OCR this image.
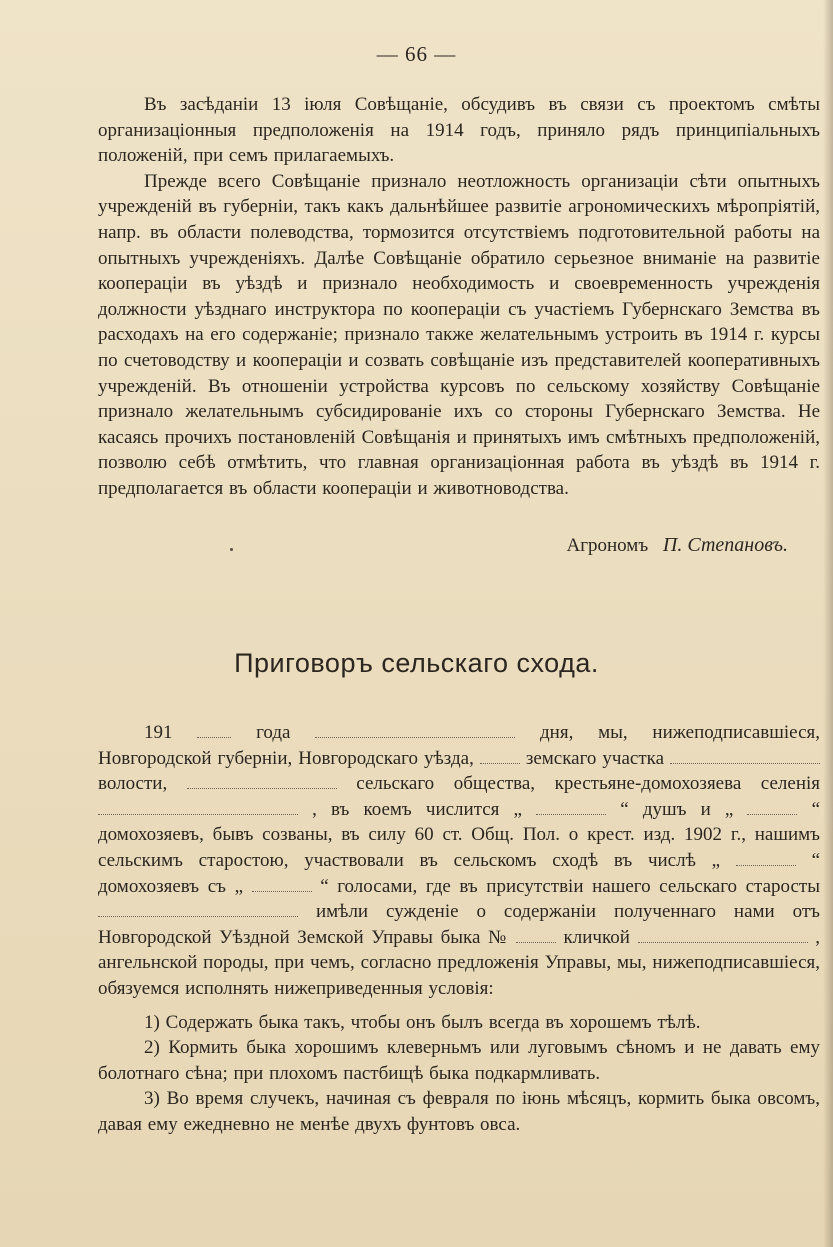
— 66 —

Въ засѣданіи 13 іюля Совѣщаніе, обсудивъ въ связи съ проектомъ смѣты организаціонныя предположенія на 1914 годъ, приняло рядъ принципіальныхъ положеній, при семъ прилагаемыхъ.

Прежде всего Совѣщаніе признало неотложность организаціи сѣти опытныхъ учрежденій въ губерніи, такъ какъ дальнѣйшее развитіе агрономическихъ мѣропріятій, напр. въ области полеводства, тормозится отсутствіемъ подготовительной работы на опытныхъ учрежденіяхъ. Далѣе Совѣщаніе обратило серьезное вниманіе на развитіе коопераціи въ уѣздѣ и признало необходимость и своевременность учрежденія должности уѣзднаго инструктора по коопераціи съ участіемъ Губернскаго Земства въ расходахъ на его содержаніе; признало также желательнымъ устроить въ 1914 г. курсы по счетоводству и коопераціи и созвать совѣщаніе изъ представителей кооперативныхъ учрежденій. Въ отношеніи устройства курсовъ по сельскому хозяйству Совѣщаніе признало желательнымъ субсидированіе ихъ со стороны Губернскаго Земства. Не касаясь прочихъ постановленій Совѣщанія и принятыхъ имъ смѣтныхъ предположеній, позволю себѣ отмѣтить, что главная организаціонная работа въ уѣздѣ въ 1914 г. предполагается въ области коопераціи и животноводства.

Агрономъ П. Степановъ.
Приговоръ сельскаго схода.

191	года	дня, мы, нижеподписавшіеся, Новгородской губерніи, Новгородскаго уѣзда,	земскаго участка  волости,	сельскаго общества, крестьяне-домохозяева селенія  , въ коемъ числится „	“ душъ и „	“ домохозяевъ, бывъ созваны, въ силу 60 ст. Общ. Пол. о крест. изд. 1902 г., нашимъ сельскимъ старостою, участвовали въ сельскомъ сходѣ въ числѣ „	“ домохозяевъ съ „	“ голосами, где въ присутствіи нашего сельскаго старосты  имѣли сужденіе о содержаніи полученнаго нами отъ Новгородской Уѣздной Земской Управы быка №	кличкой	, ангельнской породы, при чемъ, согласно предложенія Управы, мы, нижеподписавшіеся, обязуемся исполнять нижеприведенныя условія:

1) Содержать быка такъ, чтобы онъ былъ всегда въ хорошемъ тѣлѣ.

2) Кормить быка хорошимъ клеверньмъ или луговымъ сѣномъ и не давать ему болотнаго сѣна; при плохомъ пастбищѣ быка подкармливать.

3) Во время случекъ, начиная съ февраля по іюнь мѣсяцъ, кормить быка овсомъ, давая ему ежедневно не менѣе двухъ фунтовъ овса.
